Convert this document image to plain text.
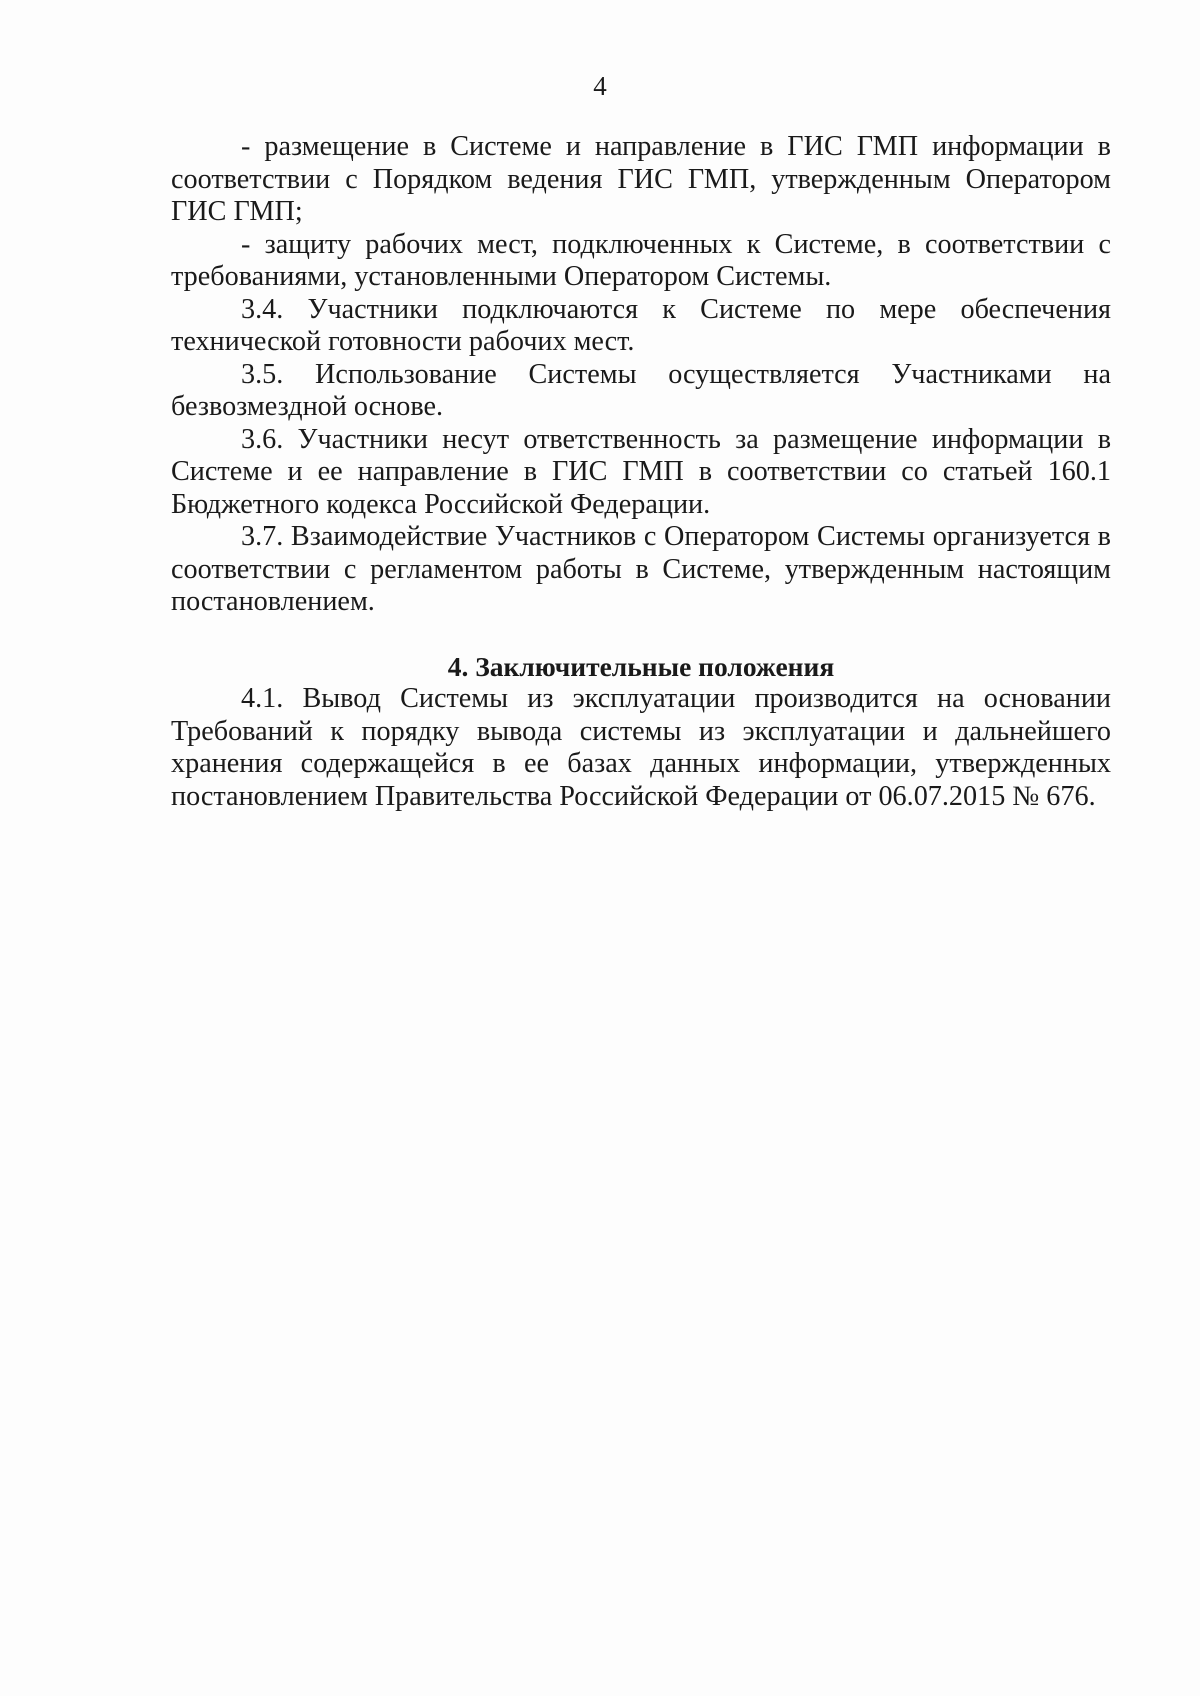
4

- размещение в Системе и направление в ГИС ГМП информации в соответствии с Порядком ведения ГИС ГМП, утвержденным Оператором ГИС ГМП;

- защиту рабочих мест, подключенных к Системе, в соответствии с требованиями, установленными Оператором Системы.

3.4. Участники подключаются к Системе по мере обеспечения технической готовности рабочих мест.

3.5. Использование Системы осуществляется Участниками на безвозмездной основе.

3.6. Участники несут ответственность за размещение информации в Системе и ее направление в ГИС ГМП в соответствии со статьей 160.1 Бюджетного кодекса Российской Федерации.

3.7. Взаимодействие Участников с Оператором Системы организуется в соответствии с регламентом работы в Системе, утвержденным настоящим постановлением.

4. Заключительные положения

4.1. Вывод Системы из эксплуатации производится на основании Требований к порядку вывода системы из эксплуатации и дальнейшего хранения содержащейся в ее базах данных информации, утвержденных постановлением Правительства Российской Федерации от 06.07.2015 № 676.
